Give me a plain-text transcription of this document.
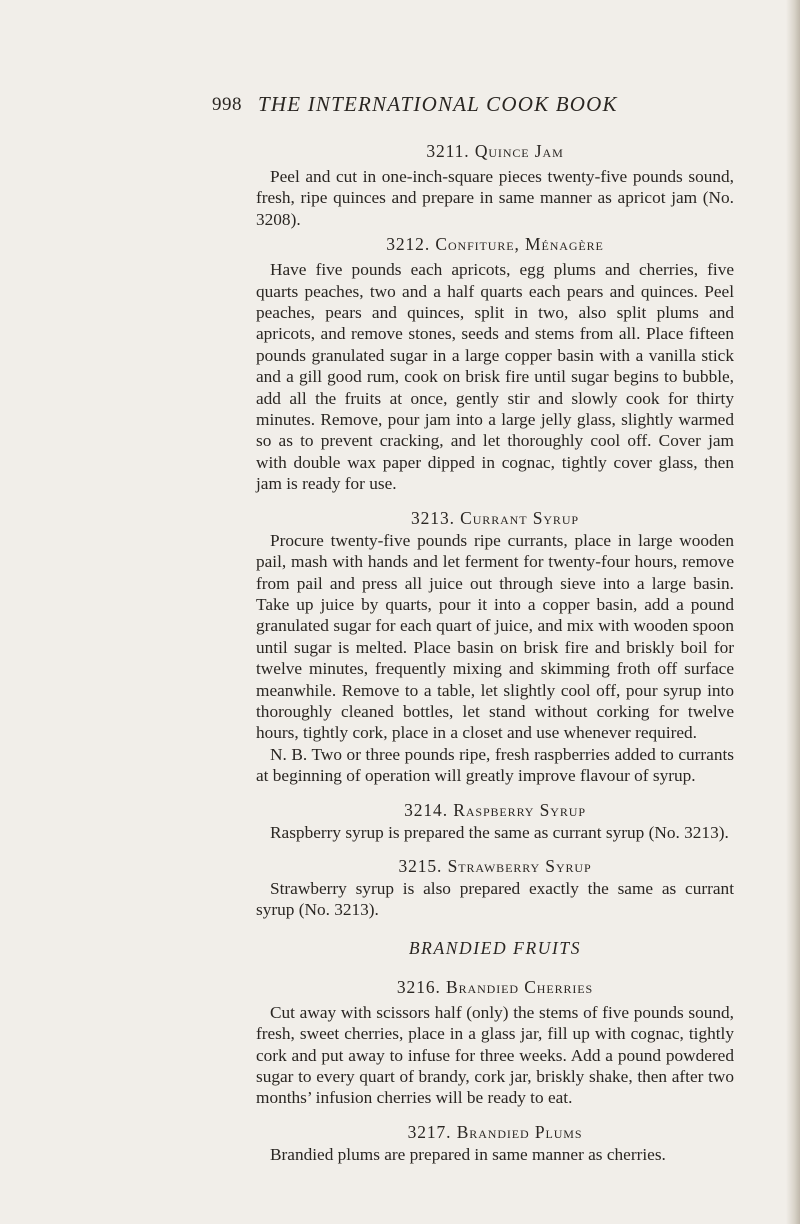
998 THE INTERNATIONAL COOK BOOK

3211. Quince Jam

Peel and cut in one-inch-square pieces twenty-five pounds sound, fresh, ripe quinces and prepare in same manner as apricot jam (No. 3208).

3212. Confiture, Ménagère

Have five pounds each apricots, egg plums and cherries, five quarts peaches, two and a half quarts each pears and quinces. Peel peaches, pears and quinces, split in two, also split plums and apricots, and remove stones, seeds and stems from all. Place fifteen pounds granulated sugar in a large copper basin with a vanilla stick and a gill good rum, cook on brisk fire until sugar begins to bubble, add all the fruits at once, gently stir and slowly cook for thirty minutes. Remove, pour jam into a large jelly glass, slightly warmed so as to prevent cracking, and let thoroughly cool off. Cover jam with double wax paper dipped in cognac, tightly cover glass, then jam is ready for use.

3213. Currant Syrup

Procure twenty-five pounds ripe currants, place in large wooden pail, mash with hands and let ferment for twenty-four hours, remove from pail and press all juice out through sieve into a large basin. Take up juice by quarts, pour it into a copper basin, add a pound granulated sugar for each quart of juice, and mix with wooden spoon until sugar is melted. Place basin on brisk fire and briskly boil for twelve minutes, frequently mixing and skimming froth off surface meanwhile. Remove to a table, let slightly cool off, pour syrup into thoroughly cleaned bottles, let stand without corking for twelve hours, tightly cork, place in a closet and use whenever required.

N. B. Two or three pounds ripe, fresh raspberries added to currants at beginning of operation will greatly improve flavour of syrup.

3214. Raspberry Syrup

Raspberry syrup is prepared the same as currant syrup (No. 3213).

3215. Strawberry Syrup

Strawberry syrup is also prepared exactly the same as currant syrup (No. 3213).

BRANDIED FRUITS

3216. Brandied Cherries

Cut away with scissors half (only) the stems of five pounds sound, fresh, sweet cherries, place in a glass jar, fill up with cognac, tightly cork and put away to infuse for three weeks. Add a pound powdered sugar to every quart of brandy, cork jar, briskly shake, then after two months’ infusion cherries will be ready to eat.

3217. Brandied Plums

Brandied plums are prepared in same manner as cherries.
